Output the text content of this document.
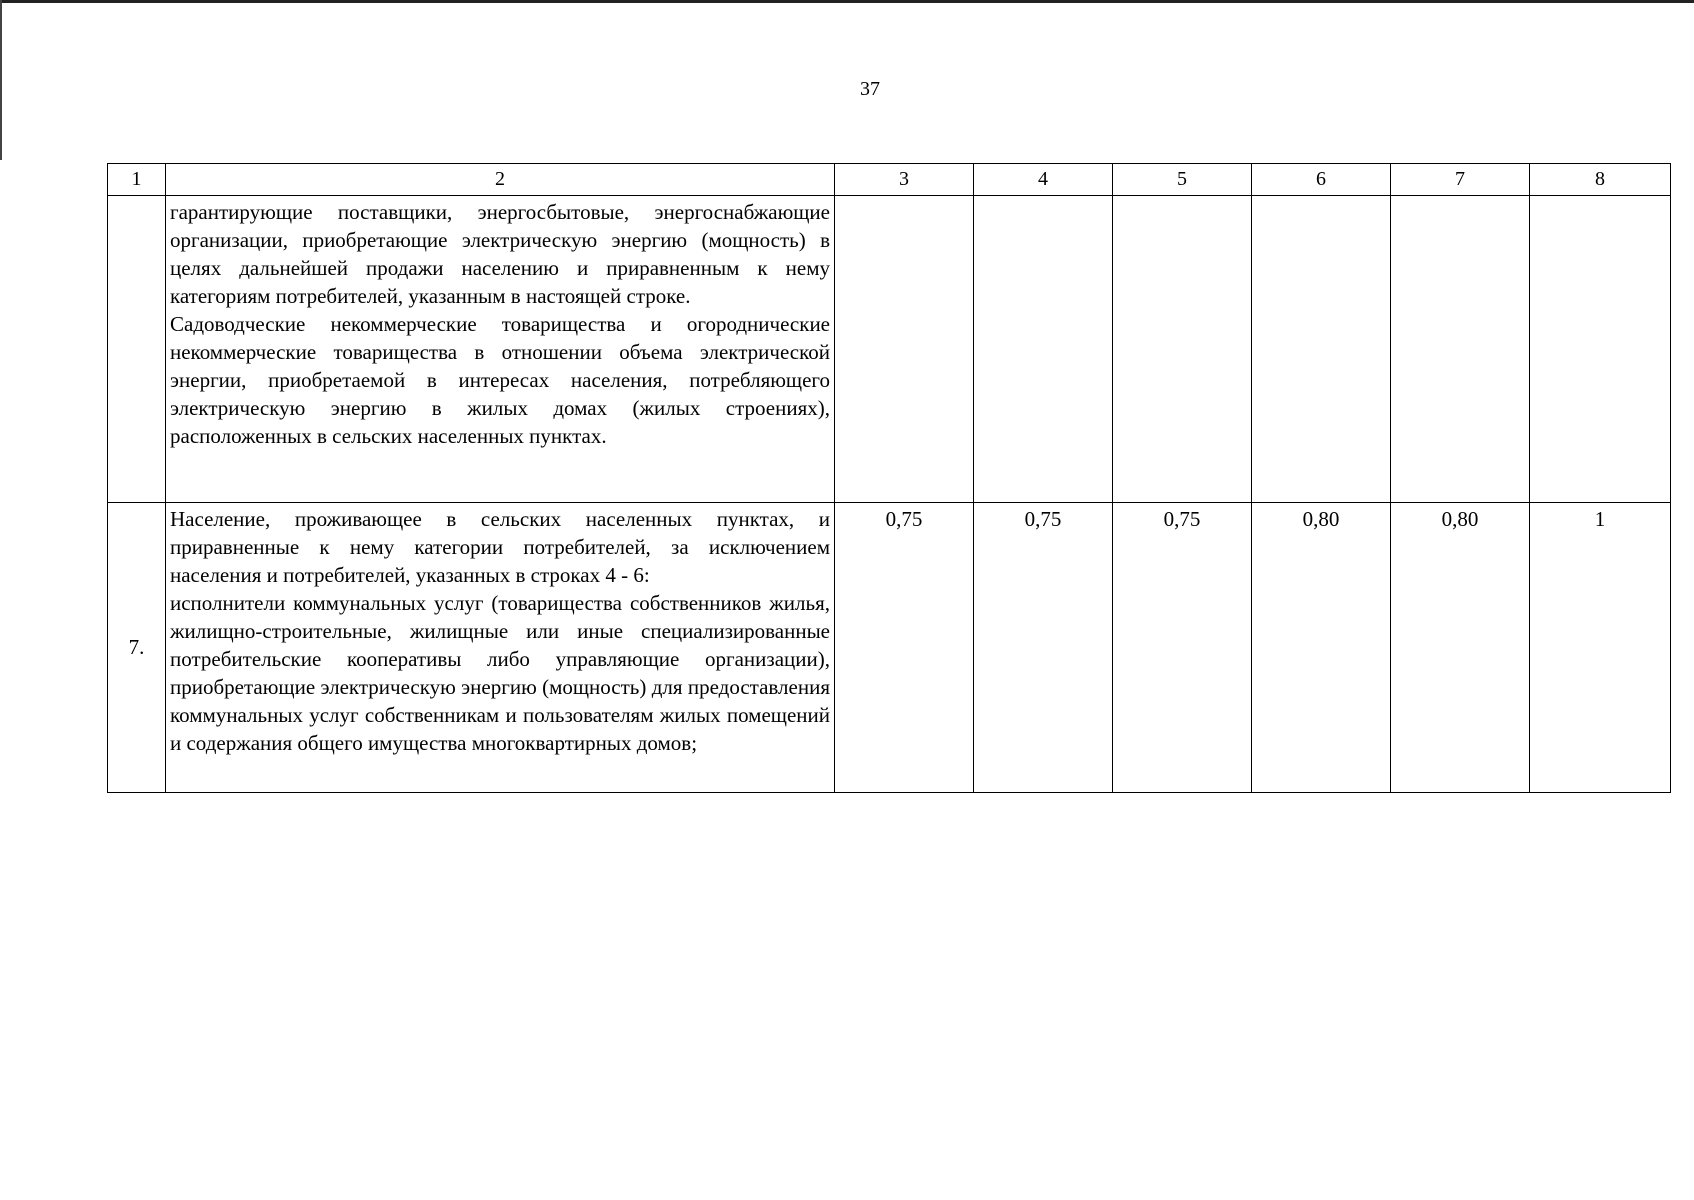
37
1	2	3	4	5	6	7	8

	гарантирующие поставщики, энергосбытовые, энергоснабжающие организации, приобретающие электрическую энергию (мощность) в целях дальнейшей продажи населению и приравненным к нему категориям потребителей, указанным в настоящей строке.
Садоводческие некоммерческие товарищества и огороднические некоммерческие товарищества в отношении объема электрической энергии, приобретаемой в интересах населения, потребляющего электрическую энергию в жилых домах (жилых строениях), расположенных в сельских населенных пунктах.						

7.	Население, проживающее в сельских населенных пунктах, и приравненные к нему категории потребителей, за исключением населения и потребителей, указанных в строках 4 - 6:
исполнители коммунальных услуг (товарищества собственников жилья, жилищно-строительные, жилищные или иные специализированные потребительские кооперативы либо управляющие организации), приобретающие электрическую энергию (мощность) для предоставления коммунальных услуг собственникам и пользователям жилых помещений и содержания общего имущества многоквартирных домов;	0,75	0,75	0,75	0,80	0,80	1
